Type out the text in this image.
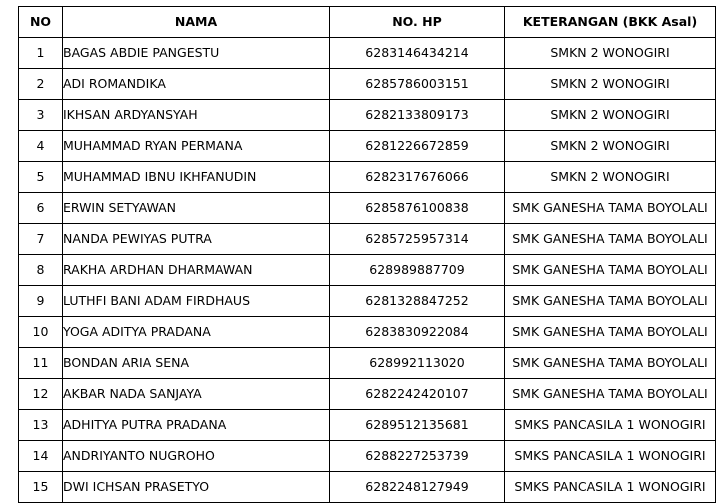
NO	NAMA	NO. HP	KETERANGAN (BKK Asal)
1	BAGAS ABDIE PANGESTU	6283146434214	SMKN 2 WONOGIRI
2	ADI ROMANDIKA	6285786003151	SMKN 2 WONOGIRI
3	IKHSAN ARDYANSYAH	6282133809173	SMKN 2 WONOGIRI
4	MUHAMMAD RYAN PERMANA	6281226672859	SMKN 2 WONOGIRI
5	MUHAMMAD IBNU IKHFANUDIN	6282317676066	SMKN 2 WONOGIRI
6	ERWIN SETYAWAN	6285876100838	SMK GANESHA TAMA BOYOLALI
7	NANDA PEWIYAS PUTRA	6285725957314	SMK GANESHA TAMA BOYOLALI
8	RAKHA ARDHAN DHARMAWAN	628989887709	SMK GANESHA TAMA BOYOLALI
9	LUTHFI BANI ADAM FIRDHAUS	6281328847252	SMK GANESHA TAMA BOYOLALI
10	YOGA ADITYA PRADANA	6283830922084	SMK GANESHA TAMA BOYOLALI
11	BONDAN ARIA SENA	628992113020	SMK GANESHA TAMA BOYOLALI
12	AKBAR NADA SANJAYA	6282242420107	SMK GANESHA TAMA BOYOLALI
13	ADHITYA PUTRA PRADANA	6289512135681	SMKS PANCASILA 1 WONOGIRI
14	ANDRIYANTO NUGROHO	6288227253739	SMKS PANCASILA 1 WONOGIRI
15	DWI ICHSAN PRASETYO	6282248127949	SMKS PANCASILA 1 WONOGIRI
